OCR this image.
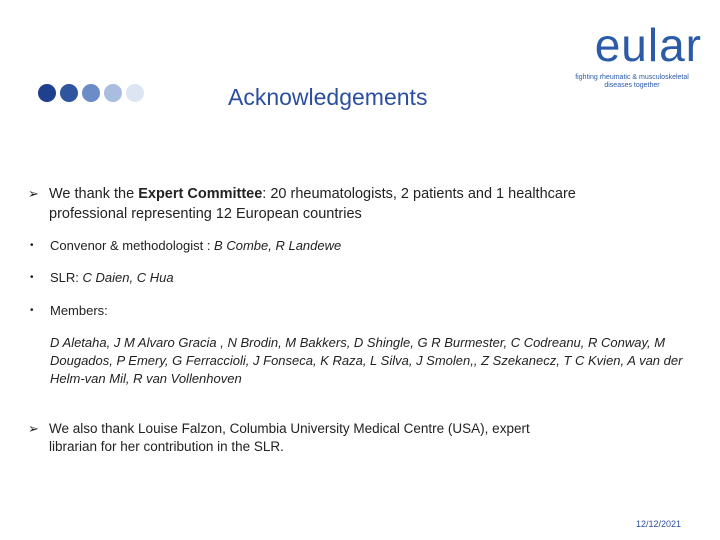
Acknowledgements
eular
fighting rheumatic & musculoskeletal
diseases together
➢ We thank the Expert Committee: 20 rheumatologists, 2 patients and 1 healthcare
professional representing 12 European countries
• Convenor & methodologist : B Combe, R Landewe
• SLR: C Daien, C Hua
• Members:
D Aletaha, J M Alvaro Gracia , N Brodin, M Bakkers, D Shingle, G R Burmester, C Codreanu, R Conway, M Dougados, P Emery, G Ferraccioli, J Fonseca, K Raza, L Silva, J Smolen,, Z Szekanecz, T C Kvien, A van der Helm-van Mil, R van Vollenhoven
➢ We also thank Louise Falzon, Columbia University Medical Centre (USA), expert
librarian for her contribution in the SLR.
12/12/2021
